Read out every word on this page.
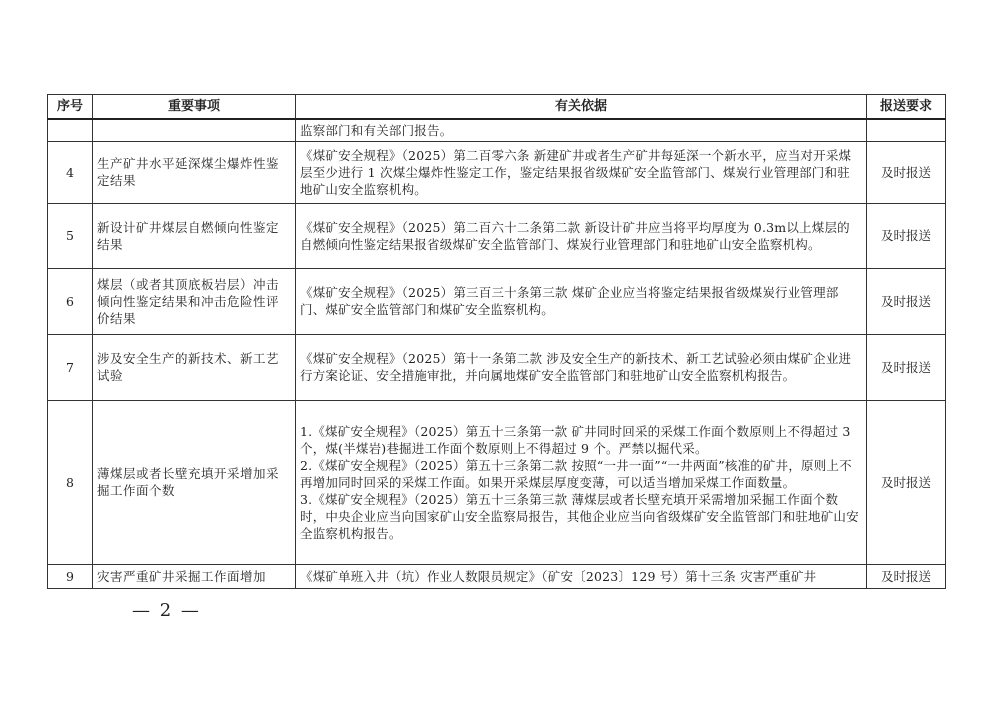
序号	重要事项	有关依据	报送要求

		监察部门和有关部门报告。	

4	生产矿井水平延深煤尘爆炸性鉴定结果	《煤矿安全规程》（2025）第二百零六条 新建矿井或者生产矿井每延深一个新水平，应当对开采煤层至少进行 1 次煤尘爆炸性鉴定工作，鉴定结果报省级煤矿安全监管部门、煤炭行业管理部门和驻地矿山安全监察机构。	及时报送
5	新设计矿井煤层自燃倾向性鉴定结果	《煤矿安全规程》（2025）第二百六十二条第二款 新设计矿井应当将平均厚度为 0.3m以上煤层的自燃倾向性鉴定结果报省级煤矿安全监管部门、煤炭行业管理部门和驻地矿山安全监察机构。	及时报送
6	煤层（或者其顶底板岩层）冲击倾向性鉴定结果和冲击危险性评价结果	《煤矿安全规程》（2025）第三百三十条第三款 煤矿企业应当将鉴定结果报省级煤炭行业管理部门、煤矿安全监管部门和煤矿安全监察机构。	及时报送
7	涉及安全生产的新技术、新工艺试验	《煤矿安全规程》（2025）第十一条第二款 涉及安全生产的新技术、新工艺试验必须由煤矿企业进行方案论证、安全措施审批，并向属地煤矿安全监管部门和驻地矿山安全监察机构报告。	及时报送
8	薄煤层或者长壁充填开采增加采掘工作面个数	1.《煤矿安全规程》（2025）第五十三条第一款 矿井同时回采的采煤工作面个数原则上不得超过 3 个，煤(半煤岩)巷掘进工作面个数原则上不得超过 9 个。严禁以掘代采。
2.《煤矿安全规程》（2025）第五十三条第二款 按照“一井一面”“一井两面”核准的矿井，原则上不再增加同时回采的采煤工作面。如果开采煤层厚度变薄，可以适当增加采煤工作面数量。
3.《煤矿安全规程》（2025）第五十三条第三款 薄煤层或者长壁充填开采需增加采掘工作面个数时，中央企业应当向国家矿山安全监察局报告，其他企业应当向省级煤矿安全监管部门和驻地矿山安全监察机构报告。	及时报送
9	灾害严重矿井采掘工作面增加	《煤矿单班入井（坑）作业人数限员规定》（矿安〔2023〕129 号）第十三条 灾害严重矿井	及时报送
— 2 —
